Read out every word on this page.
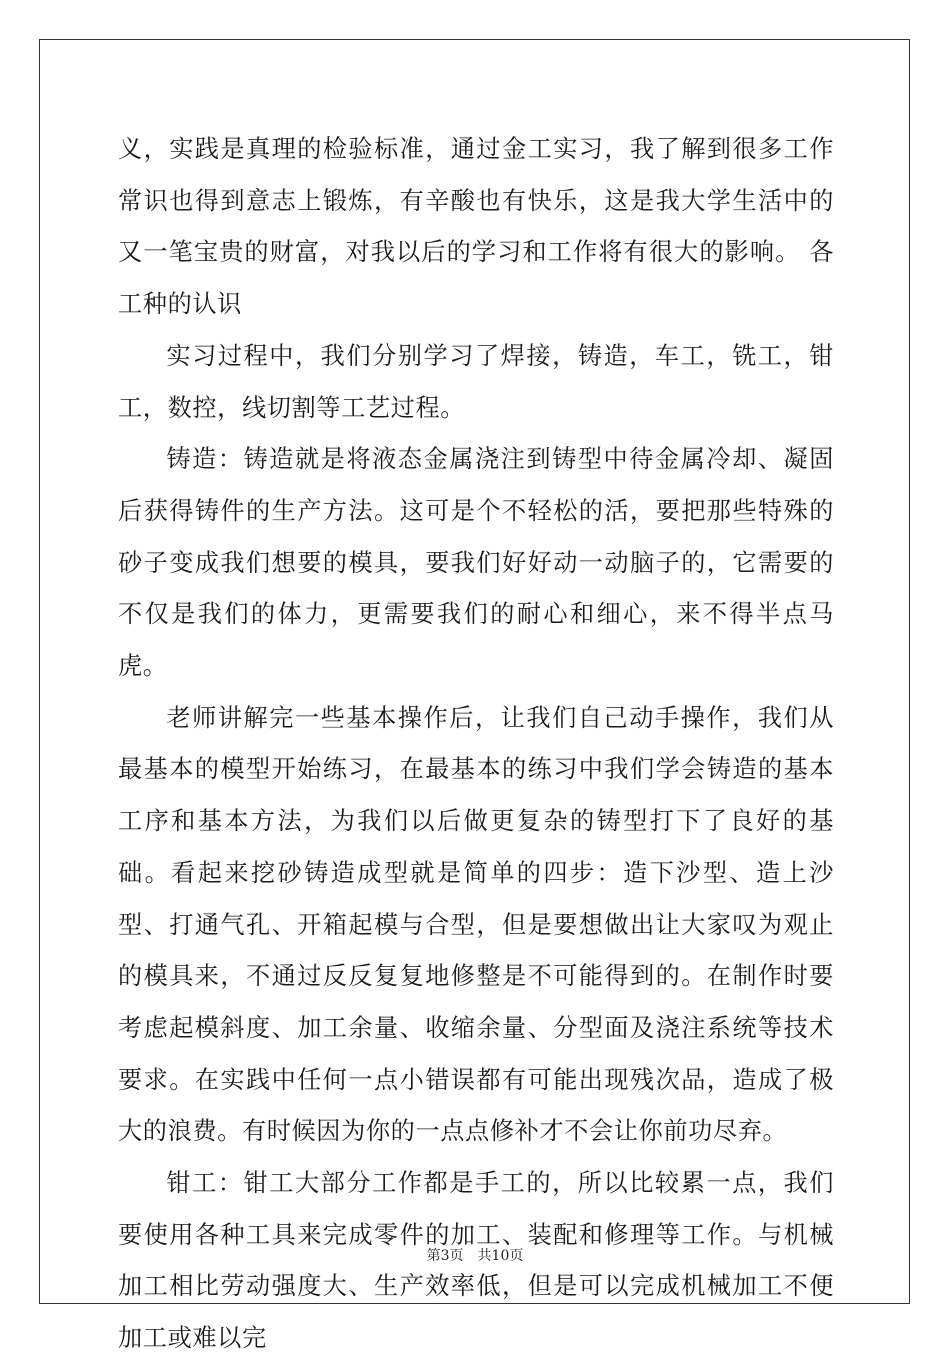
义，实践是真理的检验标准，通过金工实习，我了解到很多工作常识也得到意志上锻炼，有辛酸也有快乐，这是我大学生活中的又一笔宝贵的财富，对我以后的学习和工作将有很大的影响。 各工种的认识

实习过程中，我们分别学习了焊接，铸造，车工，铣工，钳工，数控，线切割等工艺过程。

铸造：铸造就是将液态金属浇注到铸型中待金属冷却、凝固后获得铸件的生产方法。这可是个不轻松的活，要把那些特殊的砂子变成我们想要的模具，要我们好好动一动脑子的，它需要的不仅是我们的体力，更需要我们的耐心和细心，来不得半点马虎。

老师讲解完一些基本操作后，让我们自己动手操作，我们从最基本的模型开始练习，在最基本的练习中我们学会铸造的基本工序和基本方法，为我们以后做更复杂的铸型打下了良好的基础。看起来挖砂铸造成型就是简单的四步：造下沙型、造上沙型、打通气孔、开箱起模与合型，但是要想做出让大家叹为观止的模具来，不通过反反复复地修整是不可能得到的。在制作时要考虑起模斜度、加工余量、收缩余量、分型面及浇注系统等技术要求。在实践中任何一点小错误都有可能出现残次品，造成了极大的浪费。有时候因为你的一点点修补才不会让你前功尽弃。

钳工：钳工大部分工作都是手工的，所以比较累一点，我们要使用各种工具来完成零件的加工、装配和修理等工作。与机械加工相比劳动强度大、生产效率低，但是可以完成机械加工不便加工或难以完

第3页　共10页
